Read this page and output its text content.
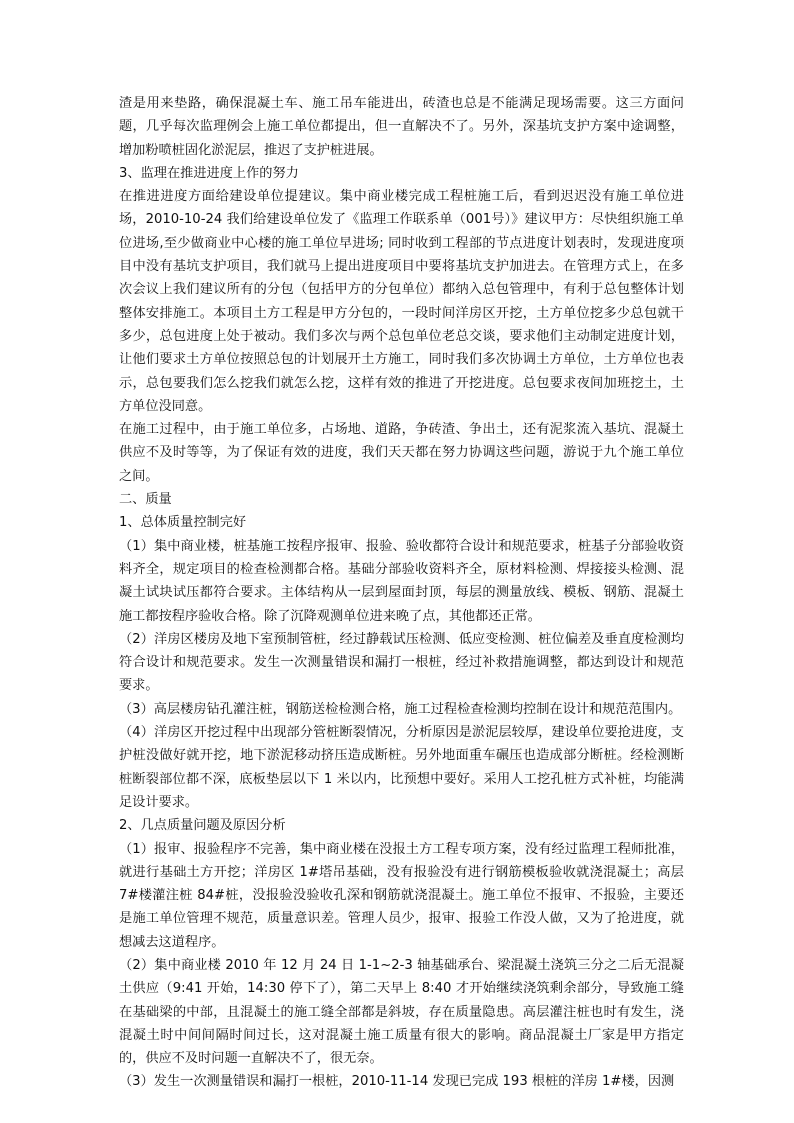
渣是用来垫路，确保混凝土车、施工吊车能进出，砖渣也总是不能满足现场需要。这三方面问题，几乎每次监理例会上施工单位都提出，但一直解决不了。另外，深基坑支护方案中途调整，增加粉喷桩固化淤泥层，推迟了支护桩进展。

3、监理在推进进度上作的努力

在推进进度方面给建设单位提建议。集中商业楼完成工程桩施工后，看到迟迟没有施工单位进场，2010-10-24 我们给建设单位发了《监理工作联系单（001号）》建议甲方：尽快组织施工单位进场,至少做商业中心楼的施工单位早进场; 同时收到工程部的节点进度计划表时，发现进度项目中没有基坑支护项目，我们就马上提出进度项目中要将基坑支护加进去。在管理方式上，在多次会议上我们建议所有的分包（包括甲方的分包单位）都纳入总包管理中，有利于总包整体计划整体安排施工。本项目土方工程是甲方分包的，一段时间洋房区开挖，土方单位挖多少总包就干多少，总包进度上处于被动。我们多次与两个总包单位老总交谈，要求他们主动制定进度计划，让他们要求土方单位按照总包的计划展开土方施工，同时我们多次协调土方单位，土方单位也表示，总包要我们怎么挖我们就怎么挖，这样有效的推进了开挖进度。总包要求夜间加班挖土，土方单位没同意。

在施工过程中，由于施工单位多，占场地、道路，争砖渣、争出土，还有泥浆流入基坑、混凝土供应不及时等等，为了保证有效的进度，我们天天都在努力协调这些问题，游说于九个施工单位之间。

二、质量

1、总体质量控制完好

（1）集中商业楼，桩基施工按程序报审、报验、验收都符合设计和规范要求，桩基子分部验收资料齐全，规定项目的检查检测都合格。基础分部验收资料齐全，原材料检测、焊接接头检测、混凝土试块试压都符合要求。主体结构从一层到屋面封顶，每层的测量放线、模板、钢筋、混凝土施工都按程序验收合格。除了沉降观测单位进来晚了点，其他都还正常。

（2）洋房区楼房及地下室预制管桩，经过静载试压检测、低应变检测、桩位偏差及垂直度检测均符合设计和规范要求。发生一次测量错误和漏打一根桩，经过补救措施调整，都达到设计和规范要求。

（3）高层楼房钻孔灌注桩，钢筋送检检测合格，施工过程检查检测均控制在设计和规范范围内。

（4）洋房区开挖过程中出现部分管桩断裂情况，分析原因是淤泥层较厚，建设单位要抢进度，支护桩没做好就开挖，地下淤泥移动挤压造成断桩。另外地面重车碾压也造成部分断桩。经检测断桩断裂部位都不深，底板垫层以下 1 米以内，比预想中要好。采用人工挖孔桩方式补桩，均能满足设计要求。

2、几点质量问题及原因分析

（1）报审、报验程序不完善，集中商业楼在没报土方工程专项方案，没有经过监理工程师批准，就进行基础土方开挖；洋房区 1#塔吊基础，没有报验没有进行钢筋模板验收就浇混凝土；高层 7#楼灌注桩 84#桩，没报验没验收孔深和钢筋就浇混凝土。施工单位不报审、不报验，主要还是施工单位管理不规范，质量意识差。管理人员少，报审、报验工作没人做，又为了抢进度，就想减去这道程序。

（2）集中商业楼 2010 年 12 月 24 日 1-1~2-3 轴基础承台、梁混凝土浇筑三分之二后无混凝土供应（9:41 开始，14:30 停下了），第二天早上 8:40 才开始继续浇筑剩余部分，导致施工缝在基础梁的中部，且混凝土的施工缝全部都是斜坡，存在质量隐患。高层灌注桩也时有发生，浇混凝土时中间间隔时间过长，这对混凝土施工质量有很大的影响。商品混凝土厂家是甲方指定的，供应不及时问题一直解决不了，很无奈。

（3）发生一次测量错误和漏打一根桩，2010-11-14 发现已完成 193 根桩的洋房 1#楼，因测
